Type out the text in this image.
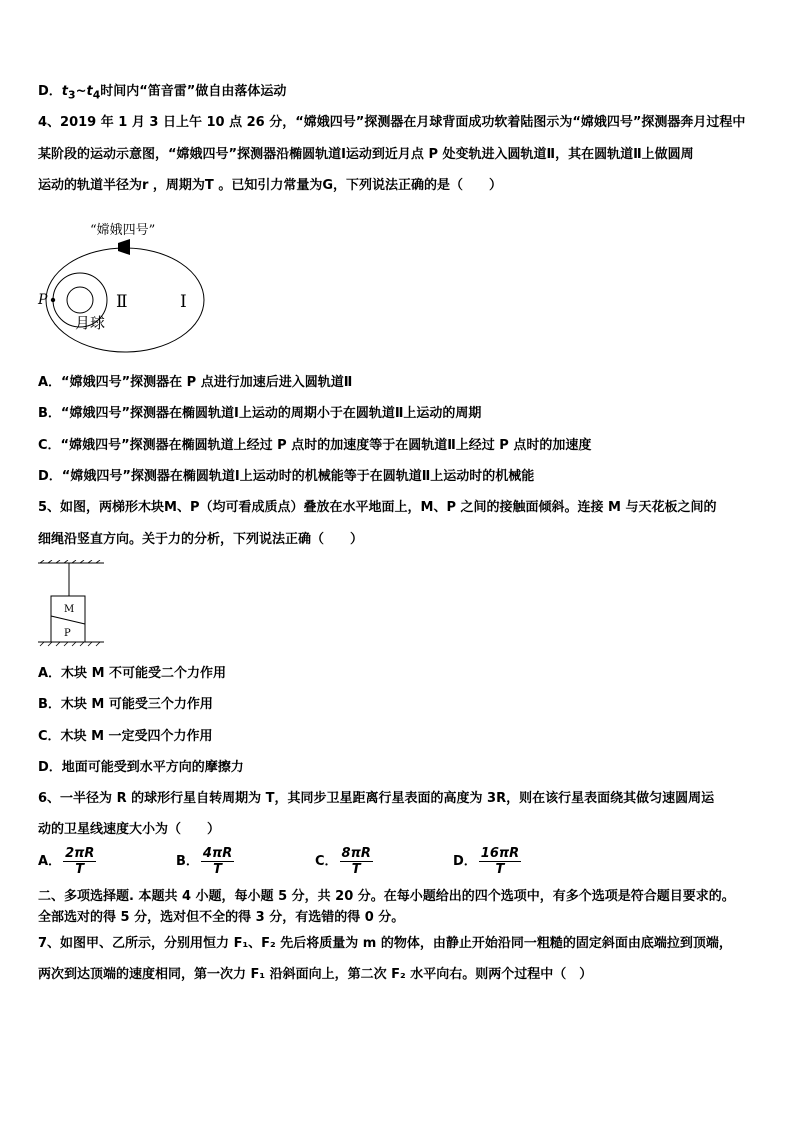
D．$t_3\sim t_4$时间内“笛音雷”做自由落体运动
4、2019 年 1 月 3 日上午 10 点 26 分，“嫦娥四号”探测器在月球背面成功软着陆图示为“嫦娥四号”探测器奔月过程中
某阶段的运动示意图，“嫦娥四号”探测器沿椭圆轨道Ⅰ运动到近月点 P 处变轨进入圆轨道Ⅱ，其在圆轨道Ⅱ上做圆周
运动的轨道半径为r ，周期为T 。已知引力常量为G，下列说法正确的是（　　）
“嫦娥四号”
P	Ⅱ	Ⅰ
月球
A．“嫦娥四号”探测器在 P 点进行加速后进入圆轨道Ⅱ
B．“嫦娥四号”探测器在椭圆轨道Ⅰ上运动的周期小于在圆轨道Ⅱ上运动的周期
C．“嫦娥四号”探测器在椭圆轨道上经过 P 点时的加速度等于在圆轨道Ⅱ上经过 P 点时的加速度
D．“嫦娥四号”探测器在椭圆轨道Ⅰ上运动时的机械能等于在圆轨道Ⅱ上运动时的机械能
5、如图，两梯形木块M、P（均可看成质点）叠放在水平地面上，M、P 之间的接触面倾斜。连接 M 与天花板之间的
细绳沿竖直方向。关于力的分析，下列说法正确（　　）
M
P
A．木块 M 不可能受二个力作用
B．木块 M 可能受三个力作用
C．木块 M 一定受四个力作用
D．地面可能受到水平方向的摩擦力
6、一半径为 R 的球形行星自转周期为 T，其同步卫星距离行星表面的高度为 3R，则在该行星表面绕其做匀速圆周运
动的卫星线速度大小为（　　）
A． $\frac{2\pi R}{T}$	B． $\frac{4\pi R}{T}$	C． $\frac{8\pi R}{T}$	D． $\frac{16\pi R}{T}$
二、多项选择题. 本题共 4 小题，每小题 5 分，共 20 分。在每小题给出的四个选项中，有多个选项是符合题目要求的。
全部选对的得 5 分，选对但不全的得 3 分，有选错的得 0 分。
7、如图甲、乙所示，分别用恒力 F₁、F₂ 先后将质量为 m 的物体，由静止开始沿同一粗糙的固定斜面由底端拉到顶端，
两次到达顶端的速度相同，第一次力 F₁ 沿斜面向上，第二次 F₂ 水平向右。则两个过程中（　）
